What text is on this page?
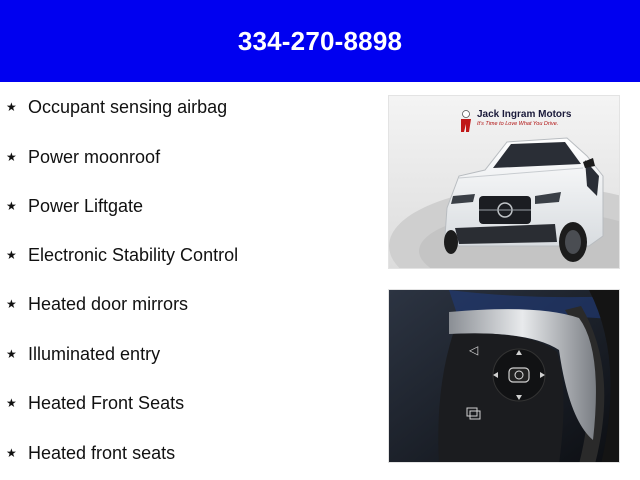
334-270-8898
★ Occupant sensing airbag
★ Power moonroof
★ Power Liftgate
★ Electronic Stability Control
★ Heated door mirrors
★ Illuminated entry
★ Heated Front Seats
★ Heated front seats
Jack Ingram Motors
It's Time to Love What You Drive.
◁
